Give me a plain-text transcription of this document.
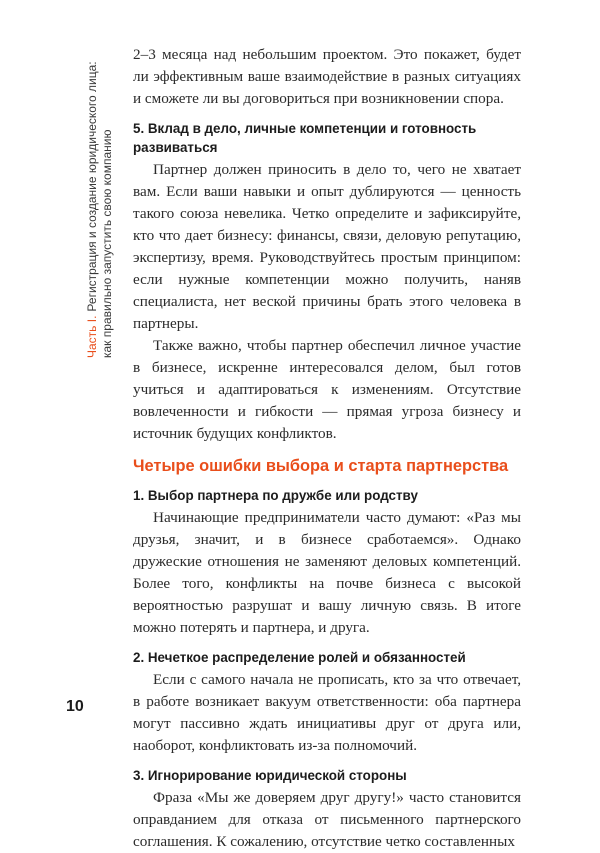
Часть I.Регистрация и создание юридического лица: как правильно запустить свою компанию

2–3 месяца над небольшим проектом. Это покажет, будет ли эффективным ваше взаимодействие в разных ситуациях и сможете ли вы договориться при возникновении спора.

5. Вклад в дело, личные компетенции и готовность развиваться

Партнер должен приносить в дело то, чего не хватает вам. Если ваши навыки и опыт дублируются — ценность такого союза невелика. Четко определите и зафиксируйте, кто что дает бизнесу: финансы, связи, деловую репутацию, экспертизу, время. Руководствуйтесь простым принципом: если нужные компетенции можно получить, наняв специалиста, нет веской причины брать этого человека в партнеры.

Также важно, чтобы партнер обеспечил личное участие в бизнесе, искренне интересовался делом, был готов учиться и адаптироваться к изменениям. Отсутствие вовлеченности и гибкости — прямая угроза бизнесу и источник будущих конфликтов.

Четыре ошибки выбора и старта партнерства
1. Выбор партнера по дружбе или родству

Начинающие предприниматели часто думают: «Раз мы друзья, значит, и в бизнесе сработаемся». Однако дружеские отношения не заменяют деловых компетенций. Более того, конфликты на почве бизнеса с высокой вероятностью разрушат и вашу личную связь. В итоге можно потерять и партнера, и друга.

2. Нечеткое распределение ролей и обязанностей

Если с самого начала не прописать, кто за что отвечает, в работе возникает вакуум ответственности: оба партнера могут пассивно ждать инициативы друг от друга или, наоборот, конфликтовать из-за полномочий.

3. Игнорирование юридической стороны

Фраза «Мы же доверяем друг другу!» часто становится оправданием для отказа от письменного партнерского соглашения. К сожалению, отсутствие четко составленных

10
